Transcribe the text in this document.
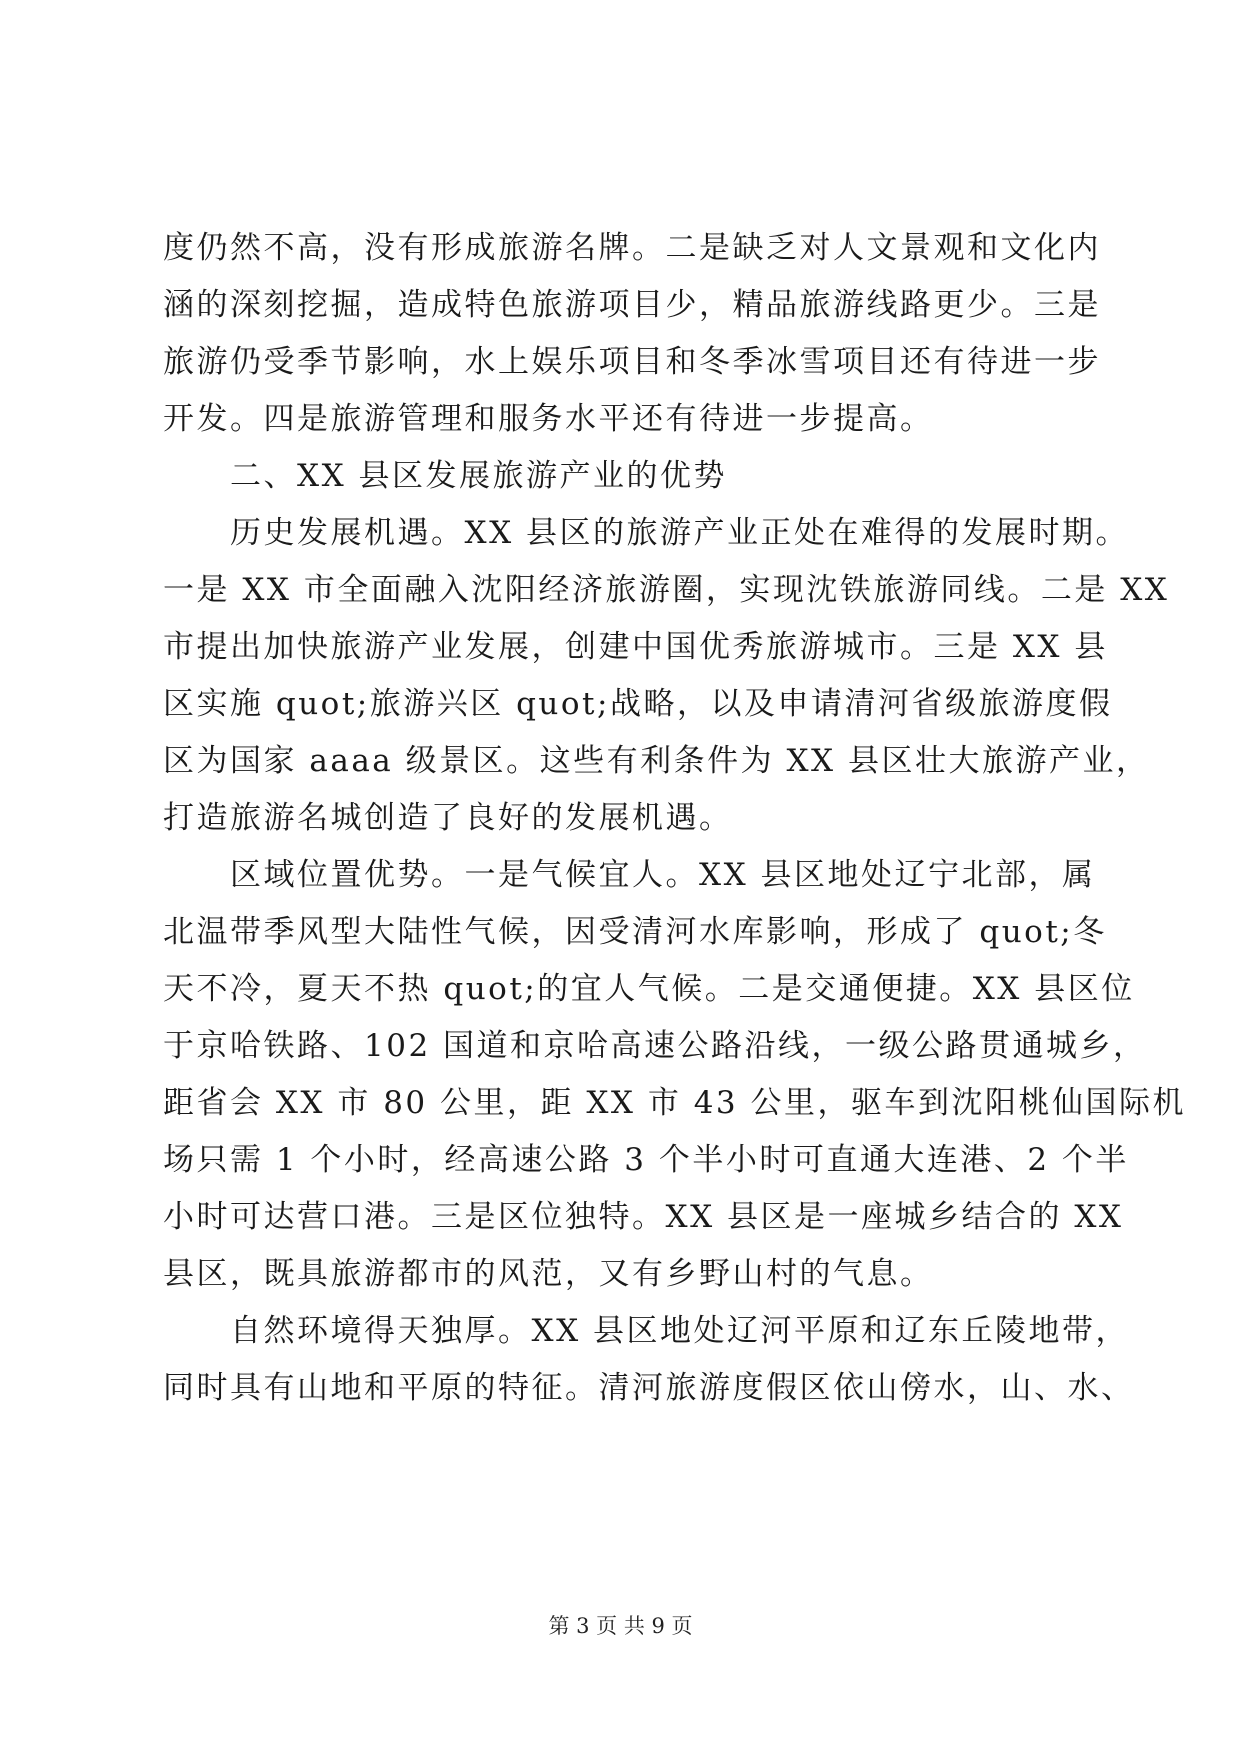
度仍然不高，没有形成旅游名牌。二是缺乏对人文景观和文化内
涵的深刻挖掘，造成特色旅游项目少，精品旅游线路更少。三是
旅游仍受季节影响，水上娱乐项目和冬季冰雪项目还有待进一步
开发。四是旅游管理和服务水平还有待进一步提高。
二、XX 县区发展旅游产业的优势
历史发展机遇。XX 县区的旅游产业正处在难得的发展时期。
一是 XX 市全面融入沈阳经济旅游圈，实现沈铁旅游同线。二是 XX
市提出加快旅游产业发展，创建中国优秀旅游城市。三是 XX 县
区实施 quot;旅游兴区 quot;战略，以及申请清河省级旅游度假
区为国家 aaaa 级景区。这些有利条件为 XX 县区壮大旅游产业，
打造旅游名城创造了良好的发展机遇。
区域位置优势。一是气候宜人。XX 县区地处辽宁北部，属
北温带季风型大陆性气候，因受清河水库影响，形成了 quot;冬
天不冷，夏天不热 quot;的宜人气候。二是交通便捷。XX 县区位
于京哈铁路、102 国道和京哈高速公路沿线，一级公路贯通城乡，
距省会 XX 市 80 公里，距 XX 市 43 公里，驱车到沈阳桃仙国际机
场只需 1 个小时，经高速公路 3 个半小时可直通大连港、2 个半
小时可达营口港。三是区位独特。XX 县区是一座城乡结合的 XX
县区，既具旅游都市的风范，又有乡野山村的气息。
自然环境得天独厚。XX 县区地处辽河平原和辽东丘陵地带，
同时具有山地和平原的特征。清河旅游度假区依山傍水，山、水、
第 3 页 共 9 页
